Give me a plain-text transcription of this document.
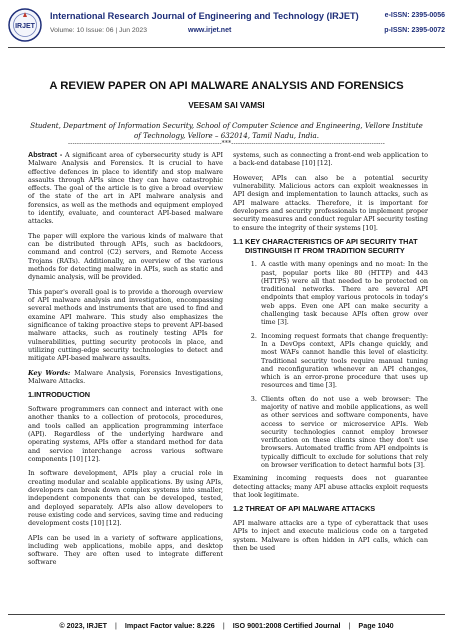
IRJET
International Research Journal of Engineering and Technology (IRJET)
Volume: 10 Issue: 06 | Jun 2023	www.irjet.net
e-ISSN: 2395-0056
p-ISSN: 2395-0072
A REVIEW PAPER ON API MALWARE ANALYSIS AND FORENSICS
VEESAM SAI VAMSI
Student, Department of Information Security, School of Computer Science and Engineering, Vellore Institute of Technology, Vellore – 632014, Tamil Nadu, India.
---------------------------------------------------------------------***---------------------------------------------------------------------

Abstract - A significant area of cybersecurity study is API Malware Analysis and Forensics. It is crucial to have effective defences in place to identify and stop malware assaults through APIs since they can have catastrophic effects. The goal of the article is to give a broad overview of the state of the art in API malware analysis and forensics, as well as the methods and equipment employed to identify, evaluate, and counteract API-based malware attacks.

The paper will explore the various kinds of malware that can be distributed through APIs, such as backdoors, command and control (C2) servers, and Remote Access Trojans (RATs). Additionally, an overview of the various methods for detecting malware in APIs, such as static and dynamic analysis, will be provided.

This paper's overall goal is to provide a thorough overview of API malware analysis and investigation, encompassing several methods and instruments that are used to find and examine API malware. This study also emphasizes the significance of taking proactive steps to prevent API-based malware attacks, such as routinely testing APIs for vulnerabilities, putting security protocols in place, and utilizing cutting-edge security technologies to detect and mitigate API-based malware assaults.

Key Words: Malware Analysis, Forensics Investigations, Malware Attacks.

1.INTRODUCTION

Software programmers can connect and interact with one another thanks to a collection of protocols, procedures, and tools called an application programming interface (API). Regardless of the underlying hardware and operating systems, APIs offer a standard method for data and service interchange across various software components [10] [12].

In software development, APIs play a crucial role in creating modular and scalable applications. By using APIs, developers can break down complex systems into smaller, independent components that can be developed, tested, and deployed separately. APIs also allow developers to reuse existing code and services, saving time and reducing development costs [10] [12].

APIs can be used in a variety of software applications, including web applications, mobile apps, and desktop software. They are often used to integrate different software

systems, such as connecting a front-end web application to a back-end database [10] [12].

However, APIs can also be a potential security vulnerability. Malicious actors can exploit weaknesses in API design and implementation to launch attacks, such as API malware attacks. Therefore, it is important for developers and security professionals to implement proper security measures and conduct regular API security testing to ensure the integrity of their systems [10].

1.1 KEY CHARACTERISTICS OF API SECURITY THAT DISTINGUISH IT FROM TRADITION SECURITY
1. A castle with many openings and no moat: In the past, popular ports like 80 (HTTP) and 443 (HTTPS) were all that needed to be protected on traditional networks. There are several API endpoints that employ various protocols in today's web apps. Even one API can make security a challenging task because APIs often grow over time [3].
2. Incoming request formats that change frequently: In a DevOps context, APIs change quickly, and most WAFs cannot handle this level of elasticity. Traditional security tools require manual tuning and reconfiguration whenever an API changes, which is an error-prone procedure that uses up resources and time [3].
3. Clients often do not use a web browser: The majority of native and mobile applications, as well as other services and software components, have access to service or microservice APIs. Web security technologies cannot employ browser verification on these clients since they don't use browsers. Automated traffic from API endpoints is typically difficult to exclude for solutions that rely on browser verification to detect harmful bots [3].

Examining incoming requests does not guarantee detecting attacks; many API abuse attacks exploit requests that look legitimate.

1.2 THREAT OF API MALWARE ATTACKS

API malware attacks are a type of cyberattack that uses APIs to inject and execute malicious code on a targeted system. Malware is often hidden in API calls, which can then be used

© 2023, IRJET | Impact Factor value: 8.226 | ISO 9001:2008 Certified Journal | Page 1040
